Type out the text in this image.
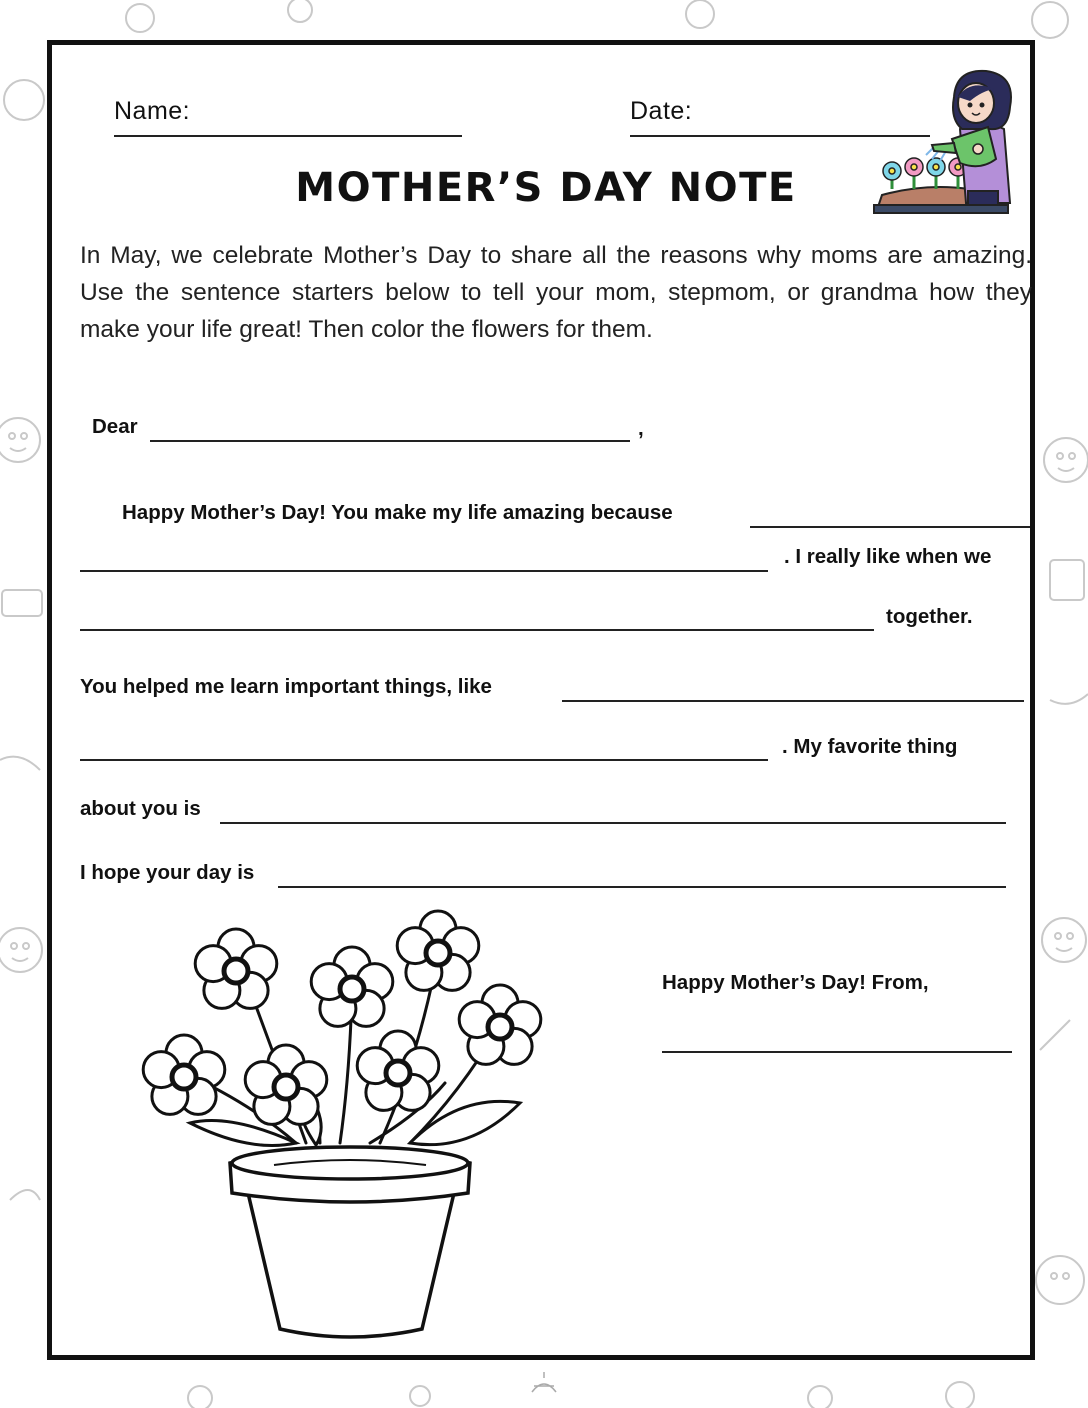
Name:	Date:
MOTHER’S DAY NOTE
In May, we celebrate Mother’s Day to share all the reasons why moms are amazing. Use the sentence starters below to tell your mom, stepmom, or grandma how they make your life great! Then color the flowers for them.
Dear	,
Happy Mother’s Day! You make my life amazing because
. I really like when we
together.
You helped me learn important things, like
. My favorite thing
about you is
I hope your day is
Happy Mother’s Day! From,
